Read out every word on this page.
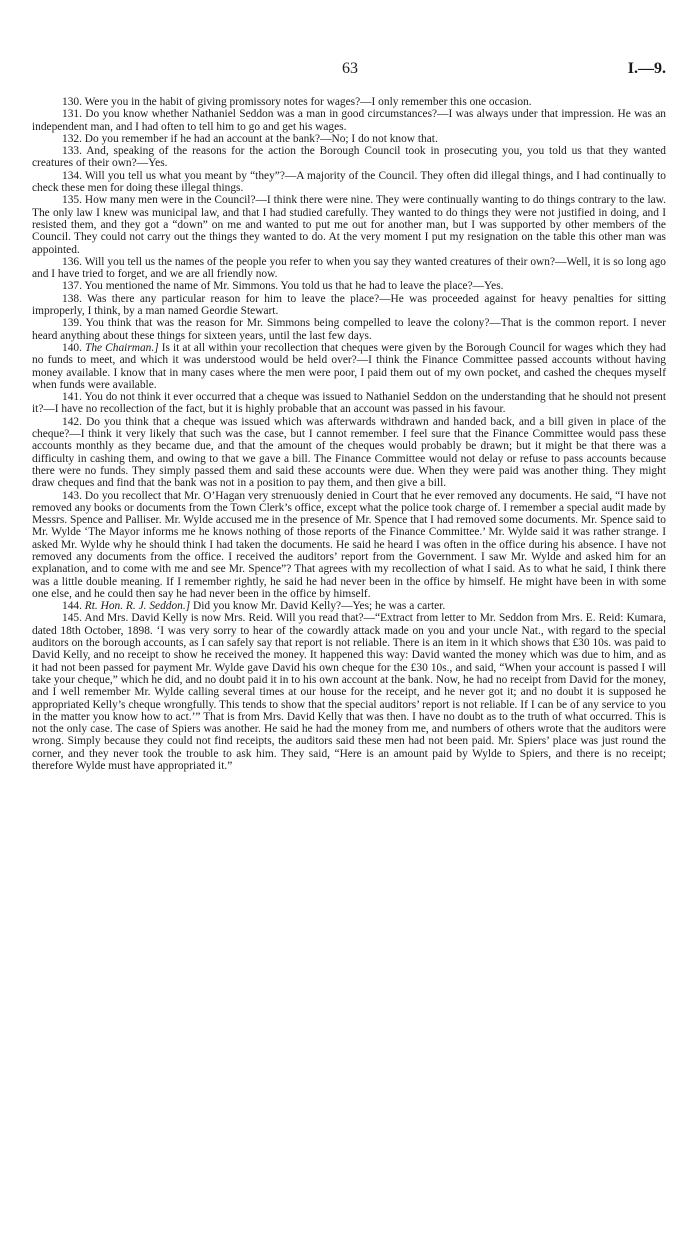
63	I.—9.

130. Were you in the habit of giving promissory notes for wages?—I only remember this one occasion.

131. Do you know whether Nathaniel Seddon was a man in good circumstances?—I was always under that impression. He was an independent man, and I had often to tell him to go and get his wages.

132. Do you remember if he had an account at the bank?—No; I do not know that.

133. And, speaking of the reasons for the action the Borough Council took in prosecuting you, you told us that they wanted creatures of their own?—Yes.

134. Will you tell us what you meant by “they”?—A majority of the Council. They often did illegal things, and I had continually to check these men for doing these illegal things.

135. How many men were in the Council?—I think there were nine. They were continually wanting to do things contrary to the law. The only law I knew was municipal law, and that I had studied carefully. They wanted to do things they were not justified in doing, and I resisted them, and they got a “down” on me and wanted to put me out for another man, but I was supported by other members of the Council. They could not carry out the things they wanted to do. At the very moment I put my resignation on the table this other man was appointed.

136. Will you tell us the names of the people you refer to when you say they wanted creatures of their own?—Well, it is so long ago and I have tried to forget, and we are all friendly now.

137. You mentioned the name of Mr. Simmons. You told us that he had to leave the place?—Yes.

138. Was there any particular reason for him to leave the place?—He was proceeded against for heavy penalties for sitting improperly, I think, by a man named Geordie Stewart.

139. You think that was the reason for Mr. Simmons being compelled to leave the colony?—That is the common report. I never heard anything about these things for sixteen years, until the last few days.

140. The Chairman.] Is it at all within your recollection that cheques were given by the Borough Council for wages which they had no funds to meet, and which it was understood would be held over?—I think the Finance Committee passed accounts without having money available. I know that in many cases where the men were poor, I paid them out of my own pocket, and cashed the cheques myself when funds were available.

141. You do not think it ever occurred that a cheque was issued to Nathaniel Seddon on the understanding that he should not present it?—I have no recollection of the fact, but it is highly probable that an account was passed in his favour.

142. Do you think that a cheque was issued which was afterwards withdrawn and handed back, and a bill given in place of the cheque?—I think it very likely that such was the case, but I cannot remember. I feel sure that the Finance Committee would pass these accounts monthly as they became due, and that the amount of the cheques would probably be drawn; but it might be that there was a difficulty in cashing them, and owing to that we gave a bill. The Finance Committee would not delay or refuse to pass accounts because there were no funds. They simply passed them and said these accounts were due. When they were paid was another thing. They might draw cheques and find that the bank was not in a position to pay them, and then give a bill.

143. Do you recollect that Mr. O’Hagan very strenuously denied in Court that he ever removed any documents. He said, “I have not removed any books or documents from the Town Clerk’s office, except what the police took charge of. I remember a special audit made by Messrs. Spence and Palliser. Mr. Wylde accused me in the presence of Mr. Spence that I had removed some documents. Mr. Spence said to Mr. Wylde ‘The Mayor informs me he knows nothing of those reports of the Finance Committee.’ Mr. Wylde said it was rather strange. I asked Mr. Wylde why he should think I had taken the documents. He said he heard I was often in the office during his absence. I have not removed any documents from the office. I received the auditors’ report from the Government. I saw Mr. Wylde and asked him for an explanation, and to come with me and see Mr. Spence”? That agrees with my recollection of what I said. As to what he said, I think there was a little double meaning. If I remember rightly, he said he had never been in the office by himself. He might have been in with some one else, and he could then say he had never been in the office by himself.

144. Rt. Hon. R. J. Seddon.] Did you know Mr. David Kelly?—Yes; he was a carter.

145. And Mrs. David Kelly is now Mrs. Reid. Will you read that?—“Extract from letter to Mr. Seddon from Mrs. E. Reid: Kumara, dated 18th October, 1898. ‘I was very sorry to hear of the cowardly attack made on you and your uncle Nat., with regard to the special auditors on the borough accounts, as I can safely say that report is not reliable. There is an item in it which shows that £30 10s. was paid to David Kelly, and no receipt to show he received the money. It happened this way: David wanted the money which was due to him, and as it had not been passed for payment Mr. Wylde gave David his own cheque for the £30 10s., and said, “When your account is passed I will take your cheque,” which he did, and no doubt paid it in to his own account at the bank. Now, he had no receipt from David for the money, and I well remember Mr. Wylde calling several times at our house for the receipt, and he never got it; and no doubt it is supposed he appropriated Kelly’s cheque wrongfully. This tends to show that the special auditors’ report is not reliable. If I can be of any service to you in the matter you know how to act.’” That is from Mrs. David Kelly that was then. I have no doubt as to the truth of what occurred. This is not the only case. The case of Spiers was another. He said he had the money from me, and numbers of others wrote that the auditors were wrong. Simply because they could not find receipts, the auditors said these men had not been paid. Mr. Spiers’ place was just round the corner, and they never took the trouble to ask him. They said, “Here is an amount paid by Wylde to Spiers, and there is no receipt; therefore Wylde must have appropriated it.”
